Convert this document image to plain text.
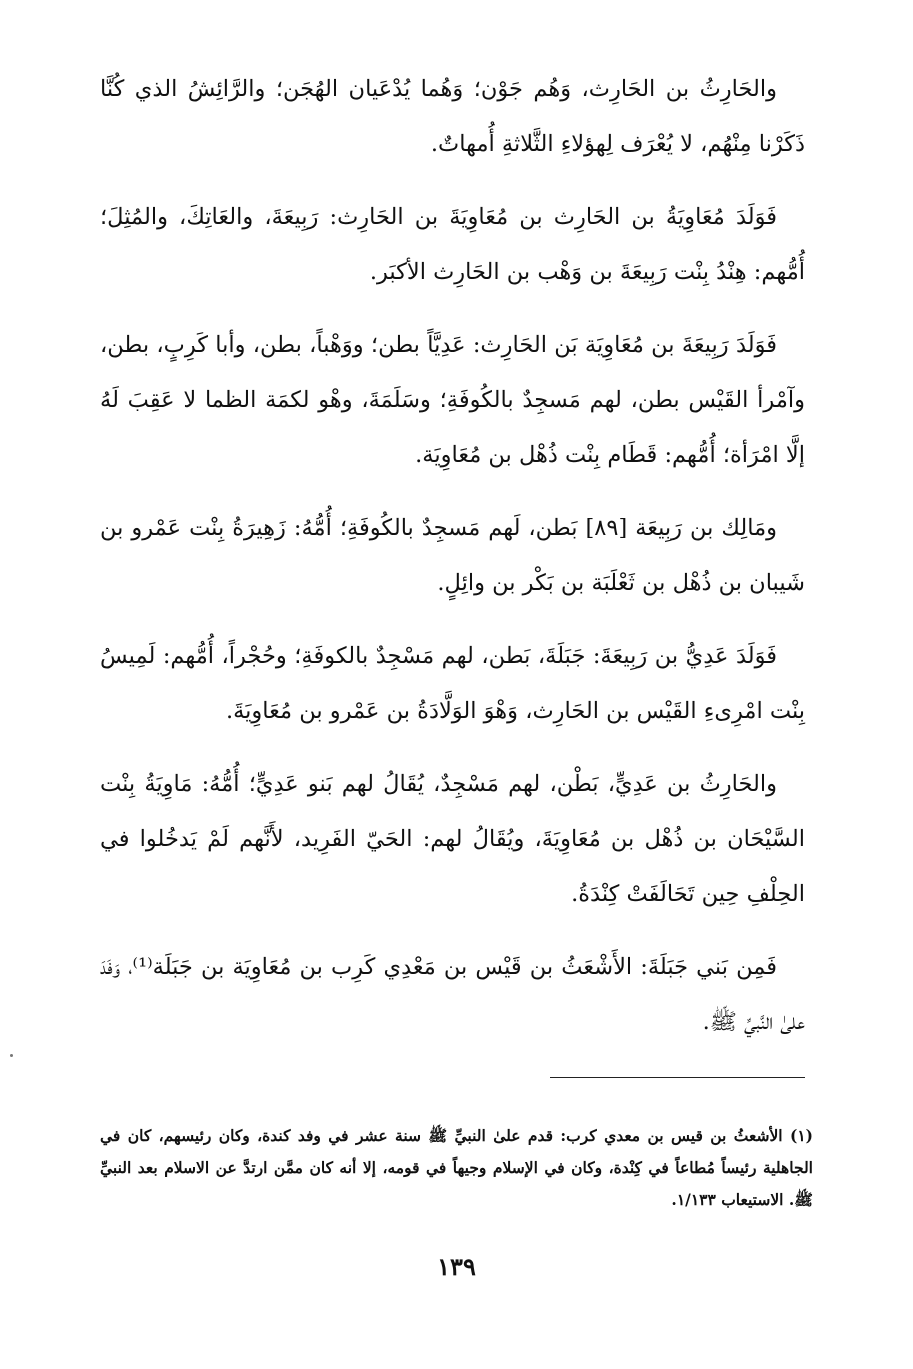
والحَارِثُ بن الحَارِث، وَهُم جَوْن؛ وَهُما يُدْعَيان الهُجَن؛ والرَّائِشُ الذي كُنَّا ذَكَرْنا مِنْهُم، لا يُعْرَف لِهؤلاءِ الثَّلاثةِ أُمهاتٌ.

فَوَلَدَ مُعَاوِيَةُ بن الحَارِث بن مُعَاوِيَةَ بن الحَارِث: رَبِيعَةَ، والعَاتِكَ، والمُثِلَ؛ أُمُّهم: هِنْدُ بِنْت رَبِيعَةَ بن وَهْب بن الحَارِث الأكبَر.

فَوَلَدَ رَبِيعَةَ بن مُعَاوِيَة بَن الحَارِث: عَدِيَّاً بطن؛ ووَهْباً، بطن، وأبا كَرِبٍ، بطن، وآمْرأ القَيْس بطن، لهم مَسجِدٌ بالكُوفَةِ؛ وسَلَمَةَ، وهْو لكمَة الظما لا عَقِبَ لَهُ إلَّا امْرَأة؛ أُمُّهم: قَطَام بِنْت ذُهْل بن مُعَاوِيَة.

ومَالِك بن رَبِيعَة [٨٩] بَطن، لَهم مَسجِدٌ بالكُوفَةِ؛ أُمُّهُ: زَهِيرَةُ بِنْت عَمْرو بن شَيبان بن ذُهْل بن ثَعْلَبَة بن بَكْر بن وائِلٍ.

فَوَلَدَ عَدِيُّ بن رَبِيعَةَ: جَبَلَةَ، بَطن، لهم مَسْجِدٌ بالكوفَةِ؛ وحُجْراً، أُمُّهم: لَمِيسُ بِنْت امْرِىءِ القَيْس بن الحَارِث، وَهْوَ الوَلَّادَةُ بن عَمْرو بن مُعَاوِيَةَ.

والحَارِثُ بن عَدِيٍّ، بَطْن، لهم مَسْجِدٌ، يُقَالُ لهم بَنو عَدِيٍّ؛ أُمُّهُ: مَاوِيَةُ بِنْت السَّيْحَان بن ذُهْل بن مُعَاوِيَةَ، ويُقَالُ لهم: الحَيّ الفَرِيد، لأَنَّهم لَمْ يَدخُلوا في الحِلْفِ حِين تَحَالَفَتْ كِنْدَةُ.

فَمِن بَني جَبَلَةَ: الأَشْعَثُ بن قَيْس بن مَعْدِي كَرِب بن مُعَاوِيَة بن جَبَلَة⁽¹⁾، وَفَدَ علىٰ النَّبيِّ ﷺ.

(١) الأشعثُ بن قيس بن معدي كرب: قدم علىٰ النبيِّ ﷺ سنة عشر في وفد كندة، وكان رئيسهم، كان في الجاهلية رئيساً مُطاعاً في كِنْدة، وكان في الإسلام وجيهاً في قومه، إلا أنه كان ممَّن ارتدَّ عن الاسلام بعد النبيِّ ﷺ. الاستيعاب ١/١٣٣.

١٣٩
